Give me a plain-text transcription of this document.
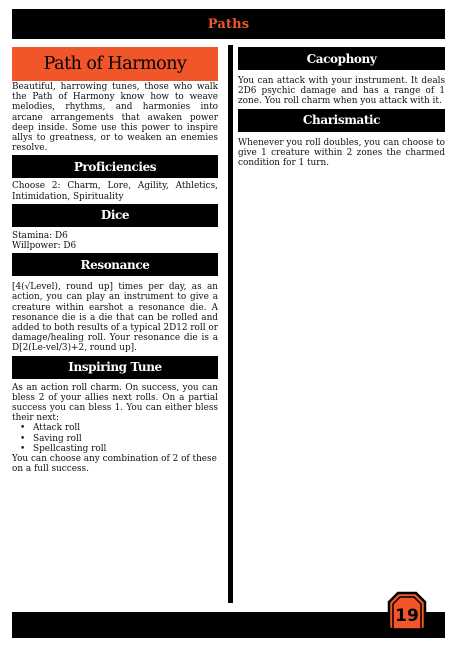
Paths
Path of Harmony

Beautiful, harrowing tunes, those who walk the Path of Harmony know how to weave melodies, rhythms, and harmonies into arcane arrangements that awaken power deep inside. Some use this power to inspire allys to greatness, or to weaken an enemies resolve.

Proficiencies

Choose 2: Charm, Lore, Agility, Athletics, Intimidation, Spirituality

Dice

Stamina: D6

Willpower: D6

Resonance

[4(√Level), round up] times per day, as an action, you can play an instrument to give a creature within earshot a resonance die. A resonance die is a die that can be rolled and added to both results of a typical 2D12 roll or damage/healing roll. Your resonance die is a D[2(Le-vel/3)+2, round up].

Inspiring Tune

As an action roll charm. On success, you can bless 2 of your allies next rolls. On a partial success you can bless 1. You can either bless their next:

• Attack roll
• Saving roll
• Spellcasting roll

You can choose any combination of 2 of these on a full success.

Cacophony

You can attack with your instrument. It deals 2D6 psychic damage and has a range of 1 zone. You roll charm when you attack with it.

Charismatic

Whenever you roll doubles, you can choose to give 1 creature within 2 zones the charmed condition for 1 turn.

19
